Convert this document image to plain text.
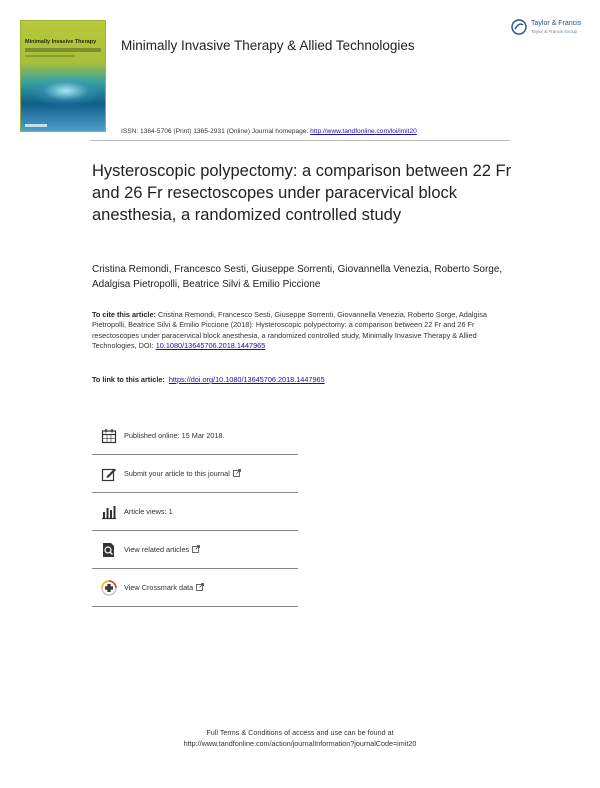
Minimally Invasive Therapy	Minimally Invasive Therapy & Allied Technologies
Taylor & Francis
Taylor & Francis Group
ISSN: 1364-5706 (Print) 1365-2931 (Online) Journal homepage: http://www.tandfonline.com/loi/imit20
Hysteroscopic polypectomy: a comparison between 22 Fr and 26 Fr resectoscopes under paracervical block anesthesia, a randomized controlled study
Cristina Remondi, Francesco Sesti, Giuseppe Sorrenti, Giovannella Venezia, Roberto Sorge, Adalgisa Pietropolli, Beatrice Silvi & Emilio Piccione
To cite this article: Cristina Remondi, Francesco Sesti, Giuseppe Sorrenti, Giovannella Venezia, Roberto Sorge, Adalgisa Pietropolli, Beatrice Silvi & Emilio Piccione (2018): Hysteroscopic polypectomy: a comparison between 22 Fr and 26 Fr resectoscopes under paracervical block anesthesia, a randomized controlled study, Minimally Invasive Therapy & Allied Technologies, DOI: 10.1080/13645706.2018.1447965
To link to this article: https://doi.org/10.1080/13645706.2018.1447965
Published online: 15 Mar 2018.
Submit your article to this journal
Article views: 1
View related articles
View Crossmark data
Full Terms & Conditions of access and use can be found at
http://www.tandfonline.com/action/journalInformation?journalCode=imit20
